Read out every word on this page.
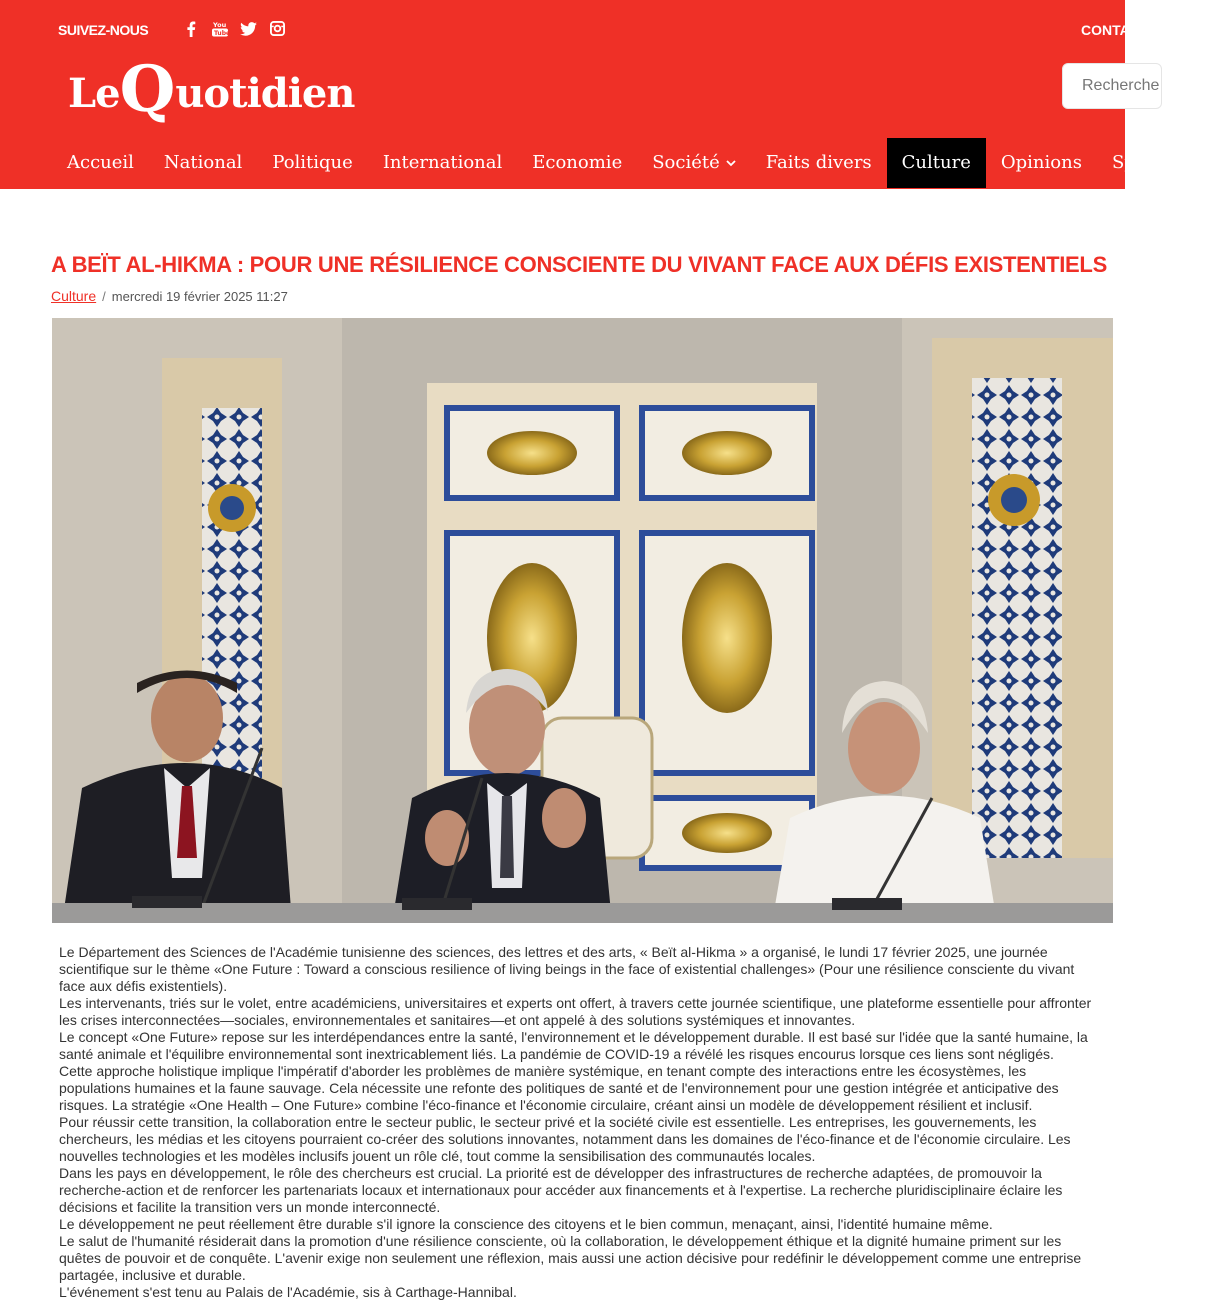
SUIVEZ-NOUS	You
Tube	CONTA
LeQuotidien
Recherche
Accueil National Politique International Economie Société	Faits divers Culture Opinions Sport N
A BEÏT AL-HIKMA : POUR UNE RÉSILIENCE CONSCIENTE DU VIVANT FACE AUX DÉFIS EXISTENTIELS
Culture / mercredi 19 février 2025 11:27

Le Département des Sciences de l'Académie tunisienne des sciences, des lettres et des arts, « Beït al-Hikma » a organisé, le lundi 17 février 2025, une journée scientifique sur le thème «One Future : Toward a conscious resilience of living beings in the face of existential challenges» (Pour une résilience consciente du vivant face aux défis existentiels).

Les intervenants, triés sur le volet, entre académiciens, universitaires et experts ont offert, à travers cette journée scientifique, une plateforme essentielle pour affronter les crises interconnectées—sociales, environnementales et sanitaires—et ont appelé à des solutions systémiques et innovantes.

Le concept «One Future» repose sur les interdépendances entre la santé, l'environnement et le développement durable. Il est basé sur l'idée que la santé humaine, la santé animale et l'équilibre environnemental sont inextricablement liés. La pandémie de COVID-19 a révélé les risques encourus lorsque ces liens sont négligés.

Cette approche holistique implique l'impératif d'aborder les problèmes de manière systémique, en tenant compte des interactions entre les écosystèmes, les populations humaines et la faune sauvage. Cela nécessite une refonte des politiques de santé et de l'environnement pour une gestion intégrée et anticipative des risques. La stratégie «One Health – One Future» combine l'éco-finance et l'économie circulaire, créant ainsi un modèle de développement résilient et inclusif.

Pour réussir cette transition, la collaboration entre le secteur public, le secteur privé et la société civile est essentielle. Les entreprises, les gouvernements, les chercheurs, les médias et les citoyens pourraient co-créer des solutions innovantes, notamment dans les domaines de l'éco-finance et de l'économie circulaire. Les nouvelles technologies et les modèles inclusifs jouent un rôle clé, tout comme la sensibilisation des communautés locales.

Dans les pays en développement, le rôle des chercheurs est crucial. La priorité est de développer des infrastructures de recherche adaptées, de promouvoir la recherche-action et de renforcer les partenariats locaux et internationaux pour accéder aux financements et à l'expertise. La recherche pluridisciplinaire éclaire les décisions et facilite la transition vers un monde interconnecté.

Le développement ne peut réellement être durable s'il ignore la conscience des citoyens et le bien commun, menaçant, ainsi, l'identité humaine même.

Le salut de l'humanité résiderait dans la promotion d'une résilience consciente, où la collaboration, le développement éthique et la dignité humaine priment sur les quêtes de pouvoir et de conquête. L'avenir exige non seulement une réflexion, mais aussi une action décisive pour redéfinir le développement comme une entreprise partagée, inclusive et durable.

L'événement s'est tenu au Palais de l'Académie, sis à Carthage-Hannibal.
